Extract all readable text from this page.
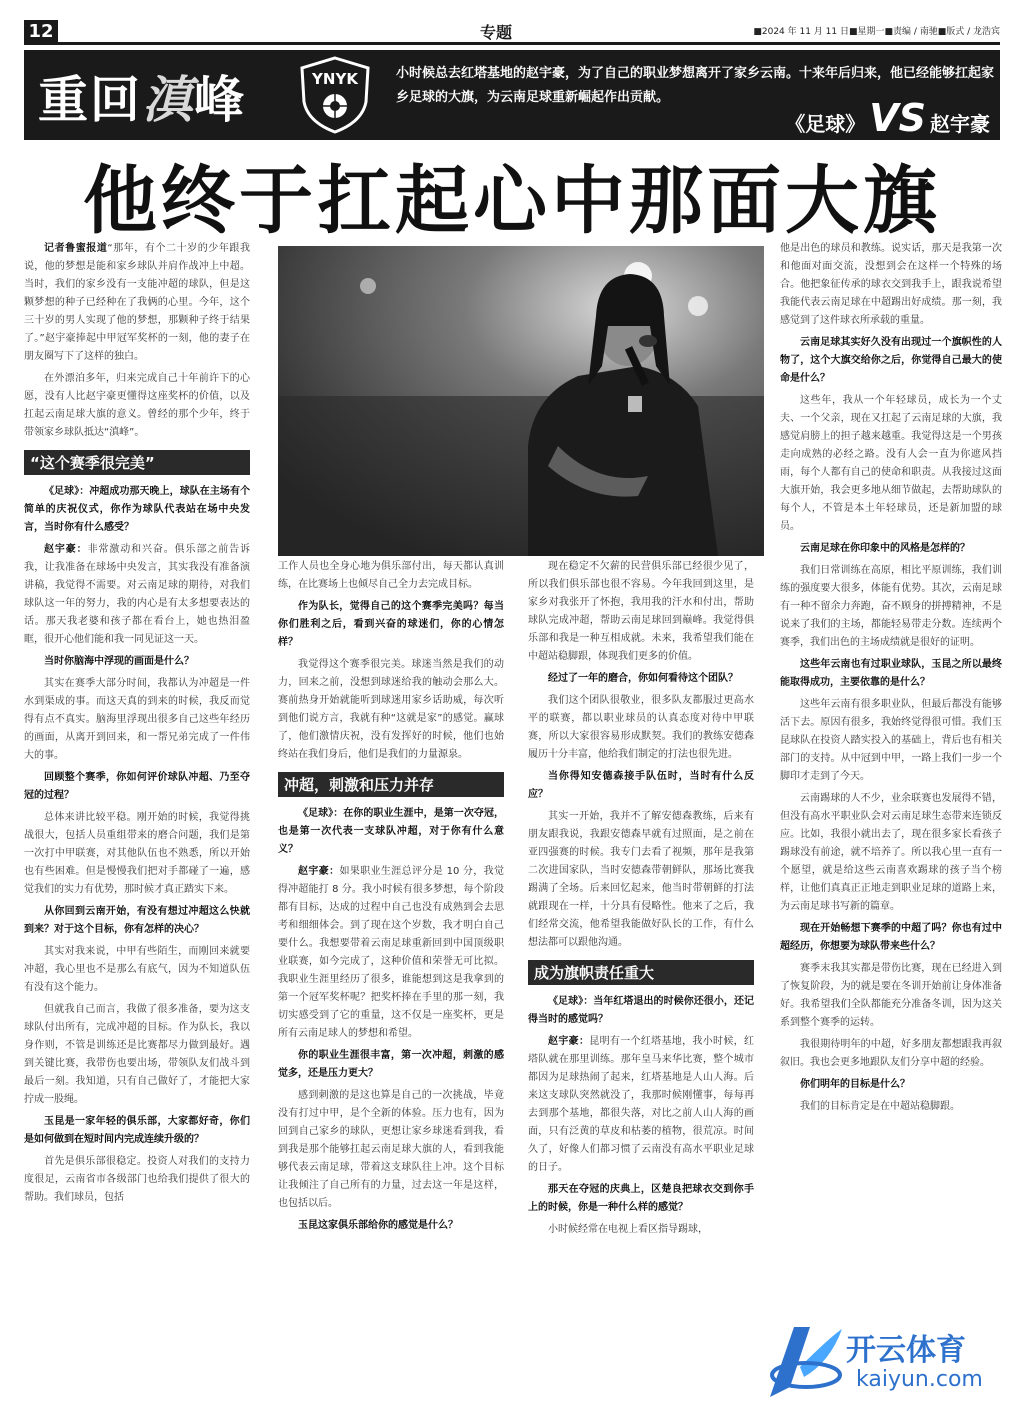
12	专题	■2024 年 11 月 11 日■星期一■责编 / 南驰■版式 / 龙浩宾
重回滇峰	YNYK	小时候总去红塔基地的赵宇豪，为了自己的职业梦想离开了家乡云南。十来年后归来，他已经能够扛起家乡足球的大旗，为云南足球重新崛起作出贡献。
《足球》 VS 赵宇豪
他终于扛起心中那面大旗

记者鲁蜜报道“那年，有个二十岁的少年跟我说，他的梦想是能和家乡球队并肩作战冲上中超。当时，我们的家乡没有一支能冲超的球队，但是这颗梦想的种子已经种在了我俩的心里。今年，这个三十岁的男人实现了他的梦想，那颗种子终于结果了。”赵宇豪捧起中甲冠军奖杯的一刻，他的妻子在朋友圈写下了这样的独白。

在外漂泊多年，归来完成自己十年前许下的心愿，没有人比赵宇豪更懂得这座奖杯的价值，以及扛起云南足球大旗的意义。曾经的那个少年，终于带领家乡球队抵达“滇峰”。

“这个赛季很完美”

《足球》：冲超成功那天晚上，球队在主场有个简单的庆祝仪式，你作为球队代表站在场中央发言，当时你有什么感受？

赵宇豪：非常激动和兴奋。俱乐部之前告诉我，让我准备在球场中央发言，其实我没有准备演讲稿，我觉得不需要。对云南足球的期待，对我们球队这一年的努力，我的内心是有太多想要表达的话。那天我老婆和孩子都在看台上，她也热泪盈眶，很开心他们能和我一同见证这一天。

当时你脑海中浮现的画面是什么？

其实在赛季大部分时间，我都认为冲超是一件水到渠成的事。而这天真的到来的时候，我反而觉得有点不真实。脑海里浮现出很多自己这些年经历的画面，从离开到回来，和一帮兄弟完成了一件伟大的事。

回顾整个赛季，你如何评价球队冲超、乃至夺冠的过程？

总体来讲比较平稳。刚开始的时候，我觉得挑战很大，包括人员重组带来的磨合问题，我们是第一次打中甲联赛，对其他队伍也不熟悉，所以开始也有些困难。但是慢慢我们把对手都碰了一遍，感觉我们的实力有优势，那时候才真正踏实下来。

从你回到云南开始，有没有想过冲超这么快就到来？对于这个目标，你有怎样的决心？

其实对我来说，中甲有些陌生，而刚回来就要冲超，我心里也不是那么有底气，因为不知道队伍有没有这个能力。

但就我自己而言，我做了很多准备，要为这支球队付出所有，完成冲超的目标。作为队长，我以身作则，不管是训练还是比赛都尽力做到最好。遇到关键比赛，我带伤也要出场，带领队友们战斗到最后一刻。我知道，只有自己做好了，才能把大家拧成一股绳。

玉昆是一家年轻的俱乐部，大家都好奇，你们是如何做到在短时间内完成连续升级的？

首先是俱乐部很稳定。投资人对我们的支持力度很足，云南省市各级部门也给我们提供了很大的帮助。我们球员，包括

工作人员也全身心地为俱乐部付出，每天都认真训练，在比赛场上也倾尽自己全力去完成目标。

作为队长，觉得自己的这个赛季完美吗？每当你们胜利之后，看到兴奋的球迷们，你的心情怎样？

我觉得这个赛季很完美。球迷当然是我们的动力，回来之前，没想到球迷给我的触动会那么大。赛前热身开始就能听到球迷用家乡话助威，每次听到他们说方言，我就有种“这就是家”的感觉。赢球了，他们激情庆祝，没有发挥好的时候，他们也始终站在我们身后，他们是我们的力量源泉。

冲超，刺激和压力并存

《足球》：在你的职业生涯中，是第一次夺冠，也是第一次代表一支球队冲超，对于你有什么意义？

赵宇豪：如果职业生涯总评分是 10 分，我觉得冲超能打 8 分。我小时候有很多梦想，每个阶段都有目标，达成的过程中自己也没有成熟到会去思考和细细体会。到了现在这个岁数，我才明白自己要什么。我想要带着云南足球重新回到中国顶级职业联赛，如今完成了，这种价值和荣誉无可比拟。我职业生涯里经历了很多，谁能想到这是我拿到的第一个冠军奖杯呢？把奖杯捧在手里的那一刻，我切实感受到了它的重量，这不仅是一座奖杯，更是所有云南足球人的梦想和希望。

你的职业生涯很丰富，第一次冲超，刺激的感觉多，还是压力更大？

感到刺激的是这也算是自己的一次挑战，毕竟没有打过中甲，是个全新的体验。压力也有，因为回到自己家乡的球队，更想让家乡球迷看到我，看到我是那个能够扛起云南足球大旗的人，看到我能够代表云南足球，带着这支球队往上冲。这个目标让我倾注了自己所有的力量，过去这一年是这样，也包括以后。

玉昆这家俱乐部给你的感觉是什么？

现在稳定不欠薪的民营俱乐部已经很少见了，所以我们俱乐部也很不容易。今年我回到这里，是家乡对我张开了怀抱，我用我的汗水和付出，帮助球队完成冲超，帮助云南足球回到巅峰。我觉得俱乐部和我是一种互相成就。未来，我希望我们能在中超站稳脚跟，体现我们更多的价值。

经过了一年的磨合，你如何看待这个团队？

我们这个团队很敬业，很多队友都服过更高水平的联赛，都以职业球员的认真态度对待中甲联赛，所以大家很容易形成默契。我们的教练安德森履历十分丰富，他给我们制定的打法也很先进。

当你得知安德森接手队伍时，当时有什么反应？

其实一开始，我并不了解安德森教练，后来有朋友跟我说，我跟安德森早就有过照面，是之前在亚四强赛的时候。我专门去看了视频，那年是我第二次进国家队，当时安德森带朝鲜队，那场比赛我踢满了全场。后来回忆起来，他当时带朝鲜的打法就跟现在一样，十分具有侵略性。他来了之后，我们经常交流，他希望我能做好队长的工作，有什么想法都可以跟他沟通。

成为旗帜责任重大

《足球》：当年红塔退出的时候你还很小，还记得当时的感觉吗？

赵宇豪：昆明有一个红塔基地，我小时候，红塔队就在那里训练。那年皇马来华比赛，整个城市都因为足球热闹了起来，红塔基地是人山人海。后来这支球队突然就没了，我那时候刚懂事，每每再去到那个基地，都很失落，对比之前人山人海的画面，只有泛黄的草皮和枯萎的植物，很荒凉。时间久了，好像人们都习惯了云南没有高水平职业足球的日子。

那天在夺冠的庆典上，区楚良把球衣交到你手上的时候，你是一种什么样的感觉？

小时候经常在电视上看区指导踢球，

他是出色的球员和教练。说实话，那天是我第一次和他面对面交流，没想到会在这样一个特殊的场合。他把象征传承的球衣交到我手上，跟我说希望我能代表云南足球在中超踢出好成绩。那一刻，我感觉到了这件球衣所承载的重量。

云南足球其实好久没有出现过一个旗帜性的人物了，这个大旗交给你之后，你觉得自己最大的使命是什么？

这些年，我从一个年轻球员，成长为一个丈夫、一个父亲，现在又扛起了云南足球的大旗，我感觉肩膀上的担子越来越重。我觉得这是一个男孩走向成熟的必经之路。没有人会一直为你遮风挡雨，每个人都有自己的使命和职责。从我接过这面大旗开始，我会更多地从细节做起，去帮助球队的每个人，不管是本土年轻球员，还是新加盟的球员。

云南足球在你印象中的风格是怎样的？

我们日常训练在高原，相比平原训练，我们训练的强度要大很多，体能有优势。其次，云南足球有一种不留余力奔跑，奋不顾身的拼搏精神，不是说来了我们的主场，都能轻易带走分数。连续两个赛季，我们出色的主场成绩就是很好的证明。

这些年云南也有过职业球队，玉昆之所以最终能取得成功，主要依靠的是什么？

这些年云南有很多职业队，但最后都没有能够活下去。原因有很多，我始终觉得很可惜。我们玉昆球队在投资人踏实投入的基础上，背后也有相关部门的支持。从中冠到中甲，一路上我们一步一个脚印才走到了今天。

云南踢球的人不少，业余联赛也发展得不错，但没有高水平职业队会对云南足球生态带来连锁反应。比如，我很小就出去了，现在很多家长看孩子踢球没有前途，就不培养了。所以我心里一直有一个愿望，就是给这些云南喜欢踢球的孩子当个榜样，让他们真真正正地走到职业足球的道路上来，为云南足球书写新的篇章。

现在开始畅想下赛季的中超了吗？你也有过中超经历，你想要为球队带来些什么？

赛季末我其实都是带伤比赛，现在已经进入到了恢复阶段，为的就是要在冬训开始前让身体准备好。我希望我们全队都能充分准备冬训，因为这关系到整个赛季的运转。

我很期待明年的中超，好多朋友都想跟我再叙叙旧。我也会更多地跟队友们分享中超的经验。

你们明年的目标是什么？

我们的目标肯定是在中超站稳脚跟。

开云体育
kaiyun.com
